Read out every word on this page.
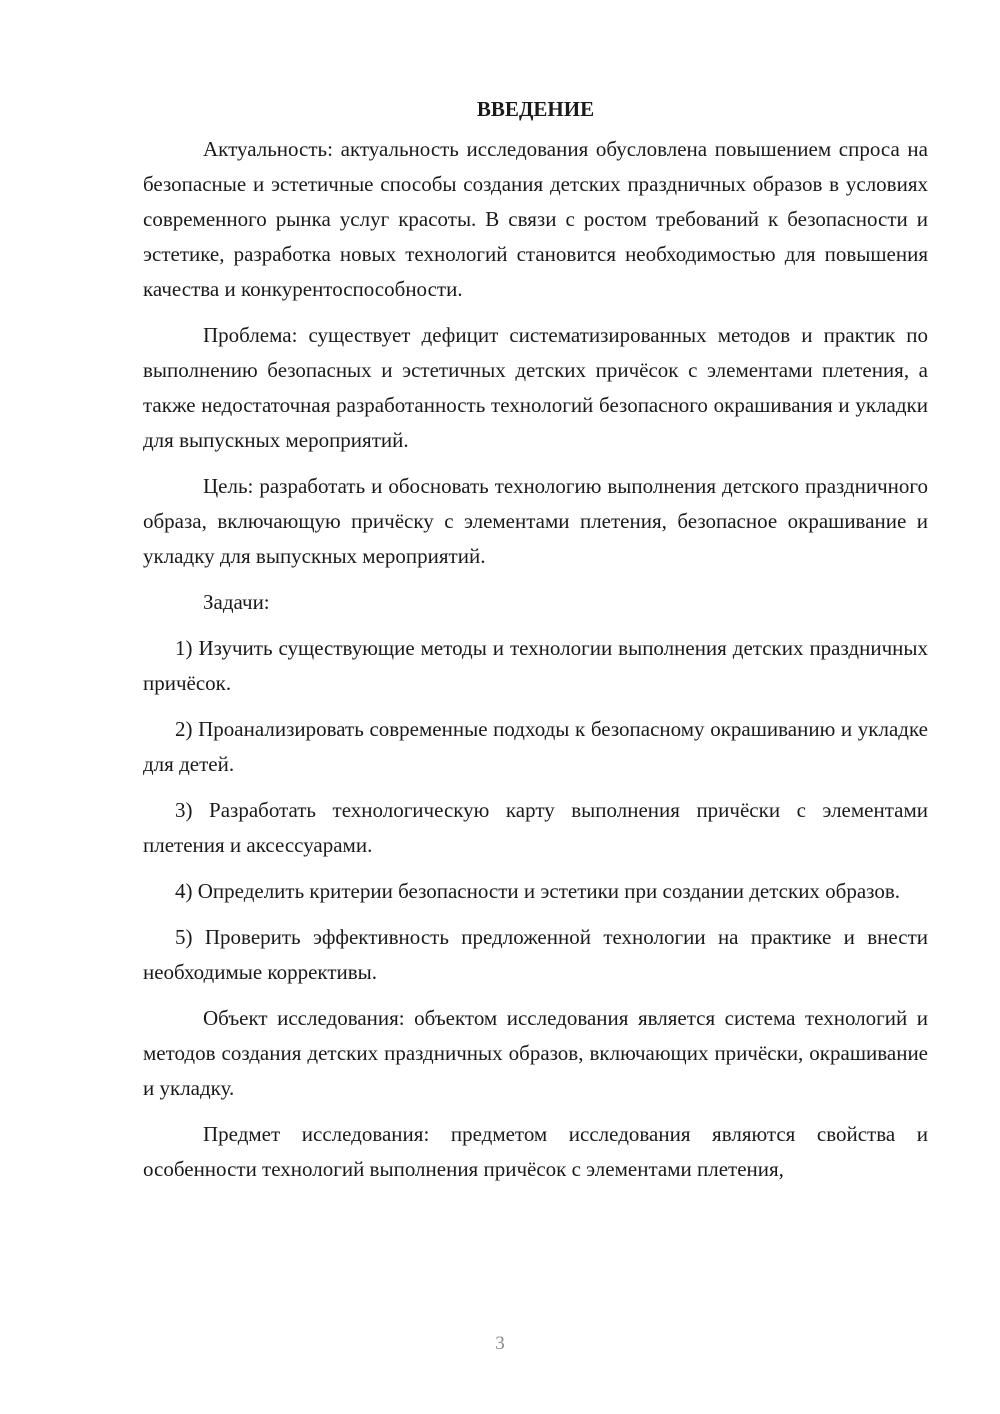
ВВЕДЕНИЕ

Актуальность: актуальность исследования обусловлена повышением спроса на безопасные и эстетичные способы создания детских праздничных образов в условиях современного рынка услуг красоты. В связи с ростом требований к безопасности и эстетике, разработка новых технологий становится необходимостью для повышения качества и конкурентоспособности.

Проблема: существует дефицит систематизированных методов и практик по выполнению безопасных и эстетичных детских причёсок с элементами плетения, а также недостаточная разработанность технологий безопасного окрашивания и укладки для выпускных мероприятий.

Цель: разработать и обосновать технологию выполнения детского праздничного образа, включающую причёску с элементами плетения, безопасное окрашивание и укладку для выпускных мероприятий.

Задачи:

1) Изучить существующие методы и технологии выполнения детских праздничных причёсок.

2) Проанализировать современные подходы к безопасному окрашиванию и укладке для детей.

3) Разработать технологическую карту выполнения причёски с элементами плетения и аксессуарами.

4) Определить критерии безопасности и эстетики при создании детских образов.

5) Проверить эффективность предложенной технологии на практике и внести необходимые коррективы.

Объект исследования: объектом исследования является система технологий и методов создания детских праздничных образов, включающих причёски, окрашивание и укладку.

Предмет исследования: предметом исследования являются свойства и особенности технологий выполнения причёсок с элементами плетения,

3
